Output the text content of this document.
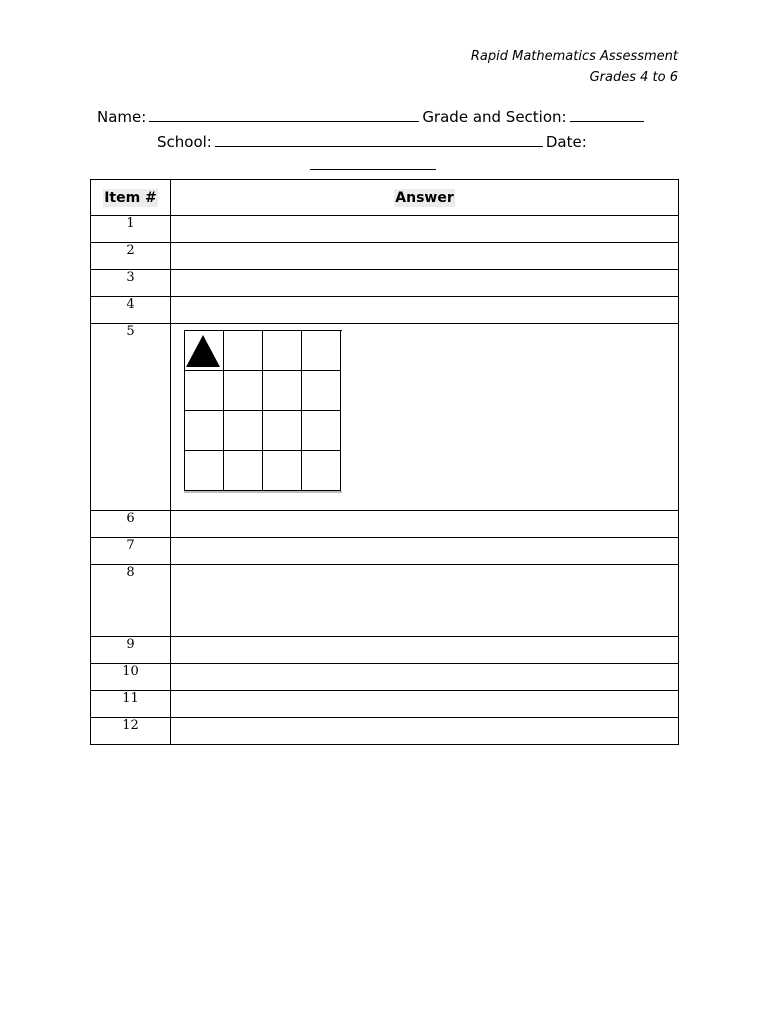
Rapid Mathematics Assessment
Grades 4 to 6
Name:	Grade and Section:
School:	Date:
Item #	Answer
1	
2	
3	
4	
5	

6	
7	
8	
9	
10	
11	
12	
